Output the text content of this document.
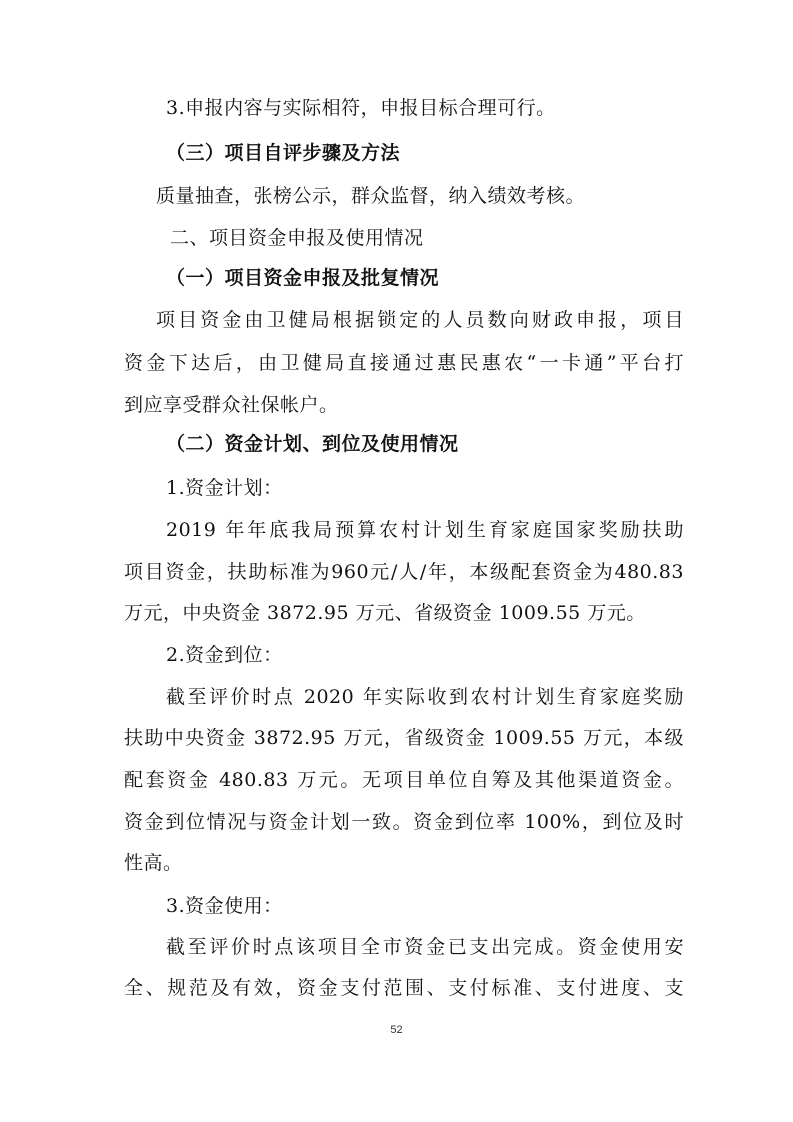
3.申报内容与实际相符，申报目标合理可行。
（三）项目自评步骤及方法
质量抽查，张榜公示，群众监督，纳入绩效考核。
二、项目资金申报及使用情况
（一）项目资金申报及批复情况
项目资金由卫健局根据锁定的人员数向财政申报，项目
资金下达后，由卫健局直接通过惠民惠农“一卡通”平台打
到应享受群众社保帐户。
（二）资金计划、到位及使用情况
1.资金计划：
2019 年年底我局预算农村计划生育家庭国家奖励扶助
项目资金，扶助标准为960元/人/年，本级配套资金为480.83
万元，中央资金 3872.95 万元、省级资金 1009.55 万元。
2.资金到位：
截至评价时点 2020 年实际收到农村计划生育家庭奖励
扶助中央资金 3872.95 万元，省级资金 1009.55 万元，本级
配套资金 480.83 万元。无项目单位自筹及其他渠道资金。
资金到位情况与资金计划一致。资金到位率 100%，到位及时
性高。
3.资金使用：
截至评价时点该项目全市资金已支出完成。资金使用安
全、规范及有效，资金支付范围、支付标准、支付进度、支
52
